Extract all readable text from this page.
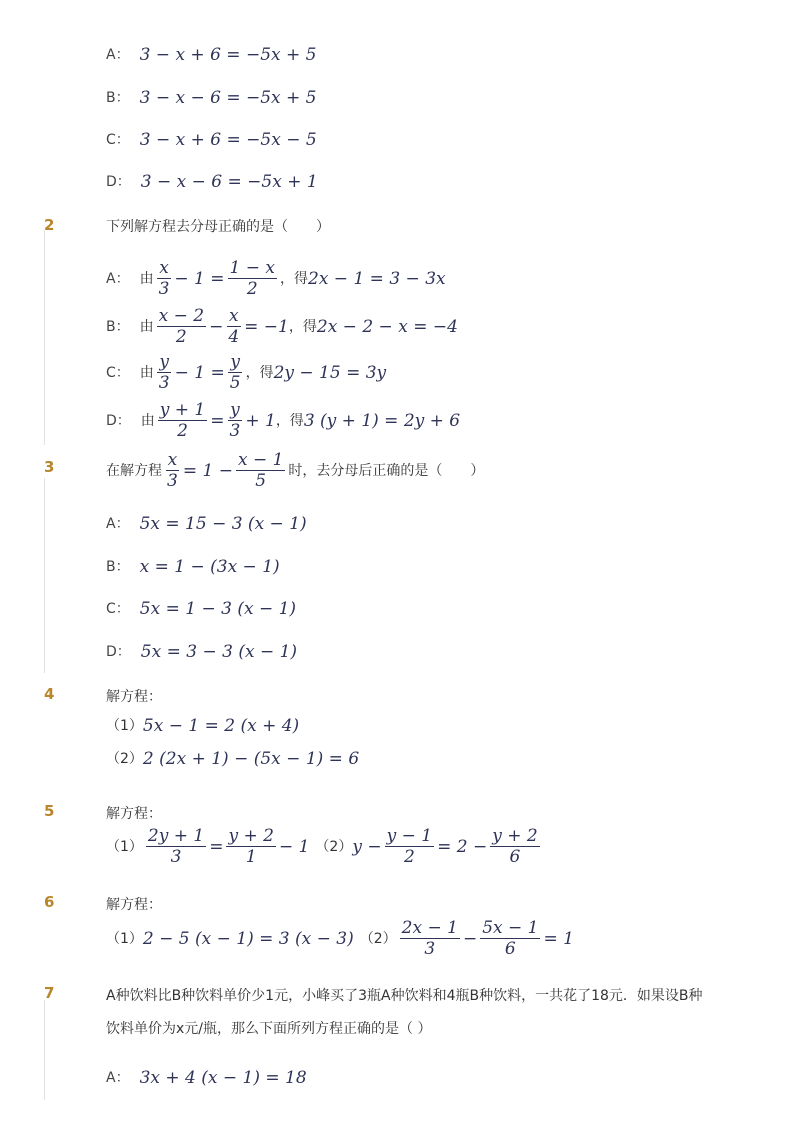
A： 3 − x + 6 = −5x + 5
B： 3 − x − 6 = −5x + 5
C： 3 − x + 6 = −5x − 5
D： 3 − x − 6 = −5x + 1
2	下列解方程去分母正确的是（　　）
A： 由 $\frac{x}{3} - 1 = \frac{1 - x}{2}$ ，得 2x − 1 = 3 − 3x
B： 由 $\frac{x - 2}{2} - \frac{x}{4} = -1$ ，得 2x − 2 − x = −4
C： 由 $\frac{y}{3} - 1 = \frac{y}{5}$ ，得 2y − 15 = 3y
D： 由 $\frac{y + 1}{2} = \frac{y}{3} + 1$ ，得 3 (y + 1) = 2y + 6
3	在解方程 $\frac{x}{3} = 1 - \frac{x - 1}{5}$ 时，去分母后正确的是（　　）
A： 5x = 15 − 3 (x − 1)
B： x = 1 − (3x − 1)
C： 5x = 1 − 3 (x − 1)
D： 5x = 3 − 3 (x − 1)
4	解方程：
（1） 5x − 1 = 2 (x + 4)
（2） 2 (2x + 1) − (5x − 1) = 6
5	解方程：
$(1) \frac{2y + 1}{3} = \frac{y + 2}{1} - 1$ （2） $y - \frac{y - 1}{2} = 2 - \frac{y + 2}{6}$
6	解方程：
（1） 2 − 5 (x − 1) = 3 (x − 3) $(2) \frac{2x - 1}{3} - \frac{5x - 1}{6} = 1$
7	A种饮料比B种饮料单价少1元，小峰买了3瓶A种饮料和4瓶B种饮料，一共花了18元．如果设B种
饮料单价为x元/瓶，那么下面所列方程正确的是（ ）
A： 3x + 4 (x − 1) = 18
